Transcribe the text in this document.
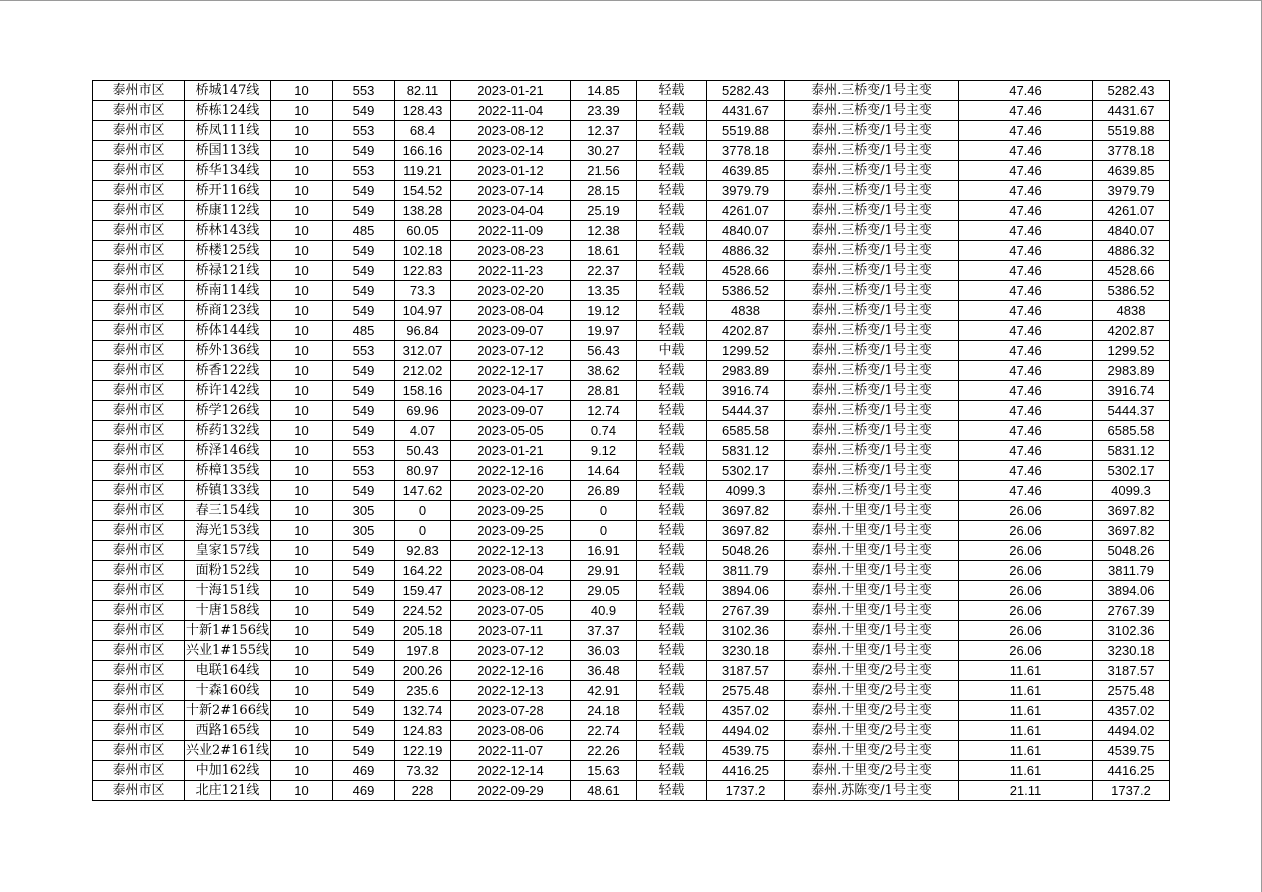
泰州市区	桥城147线	10	553	82.11	2023-01-21	14.85	轻载	5282.43	泰州.三桥变/1号主变	47.46	5282.43
泰州市区	桥栋124线	10	549	128.43	2022-11-04	23.39	轻载	4431.67	泰州.三桥变/1号主变	47.46	4431.67
泰州市区	桥凤111线	10	553	68.4	2023-08-12	12.37	轻载	5519.88	泰州.三桥变/1号主变	47.46	5519.88
泰州市区	桥国113线	10	549	166.16	2023-02-14	30.27	轻载	3778.18	泰州.三桥变/1号主变	47.46	3778.18
泰州市区	桥华134线	10	553	119.21	2023-01-12	21.56	轻载	4639.85	泰州.三桥变/1号主变	47.46	4639.85
泰州市区	桥开116线	10	549	154.52	2023-07-14	28.15	轻载	3979.79	泰州.三桥变/1号主变	47.46	3979.79
泰州市区	桥康112线	10	549	138.28	2023-04-04	25.19	轻载	4261.07	泰州.三桥变/1号主变	47.46	4261.07
泰州市区	桥林143线	10	485	60.05	2022-11-09	12.38	轻载	4840.07	泰州.三桥变/1号主变	47.46	4840.07
泰州市区	桥楼125线	10	549	102.18	2023-08-23	18.61	轻载	4886.32	泰州.三桥变/1号主变	47.46	4886.32
泰州市区	桥禄121线	10	549	122.83	2022-11-23	22.37	轻载	4528.66	泰州.三桥变/1号主变	47.46	4528.66
泰州市区	桥南114线	10	549	73.3	2023-02-20	13.35	轻载	5386.52	泰州.三桥变/1号主变	47.46	5386.52
泰州市区	桥商123线	10	549	104.97	2023-08-04	19.12	轻载	4838	泰州.三桥变/1号主变	47.46	4838
泰州市区	桥体144线	10	485	96.84	2023-09-07	19.97	轻载	4202.87	泰州.三桥变/1号主变	47.46	4202.87
泰州市区	桥外136线	10	553	312.07	2023-07-12	56.43	中载	1299.52	泰州.三桥变/1号主变	47.46	1299.52
泰州市区	桥香122线	10	549	212.02	2022-12-17	38.62	轻载	2983.89	泰州.三桥变/1号主变	47.46	2983.89
泰州市区	桥许142线	10	549	158.16	2023-04-17	28.81	轻载	3916.74	泰州.三桥变/1号主变	47.46	3916.74
泰州市区	桥学126线	10	549	69.96	2023-09-07	12.74	轻载	5444.37	泰州.三桥变/1号主变	47.46	5444.37
泰州市区	桥药132线	10	549	4.07	2023-05-05	0.74	轻载	6585.58	泰州.三桥变/1号主变	47.46	6585.58
泰州市区	桥泽146线	10	553	50.43	2023-01-21	9.12	轻载	5831.12	泰州.三桥变/1号主变	47.46	5831.12
泰州市区	桥樟135线	10	553	80.97	2022-12-16	14.64	轻载	5302.17	泰州.三桥变/1号主变	47.46	5302.17
泰州市区	桥镇133线	10	549	147.62	2023-02-20	26.89	轻载	4099.3	泰州.三桥变/1号主变	47.46	4099.3
泰州市区	春三154线	10	305	0	2023-09-25	0	轻载	3697.82	泰州.十里变/1号主变	26.06	3697.82
泰州市区	海光153线	10	305	0	2023-09-25	0	轻载	3697.82	泰州.十里变/1号主变	26.06	3697.82
泰州市区	皇家157线	10	549	92.83	2022-12-13	16.91	轻载	5048.26	泰州.十里变/1号主变	26.06	5048.26
泰州市区	面粉152线	10	549	164.22	2023-08-04	29.91	轻载	3811.79	泰州.十里变/1号主变	26.06	3811.79
泰州市区	十海151线	10	549	159.47	2023-08-12	29.05	轻载	3894.06	泰州.十里变/1号主变	26.06	3894.06
泰州市区	十唐158线	10	549	224.52	2023-07-05	40.9	轻载	2767.39	泰州.十里变/1号主变	26.06	2767.39
泰州市区	十新1#156线	10	549	205.18	2023-07-11	37.37	轻载	3102.36	泰州.十里变/1号主变	26.06	3102.36
泰州市区	兴业1#155线	10	549	197.8	2023-07-12	36.03	轻载	3230.18	泰州.十里变/1号主变	26.06	3230.18
泰州市区	电联164线	10	549	200.26	2022-12-16	36.48	轻载	3187.57	泰州.十里变/2号主变	11.61	3187.57
泰州市区	十森160线	10	549	235.6	2022-12-13	42.91	轻载	2575.48	泰州.十里变/2号主变	11.61	2575.48
泰州市区	十新2#166线	10	549	132.74	2023-07-28	24.18	轻载	4357.02	泰州.十里变/2号主变	11.61	4357.02
泰州市区	西路165线	10	549	124.83	2023-08-06	22.74	轻载	4494.02	泰州.十里变/2号主变	11.61	4494.02
泰州市区	兴业2#161线	10	549	122.19	2022-11-07	22.26	轻载	4539.75	泰州.十里变/2号主变	11.61	4539.75
泰州市区	中加162线	10	469	73.32	2022-12-14	15.63	轻载	4416.25	泰州.十里变/2号主变	11.61	4416.25
泰州市区	北庄121线	10	469	228	2022-09-29	48.61	轻载	1737.2	泰州.苏陈变/1号主变	21.11	1737.2
